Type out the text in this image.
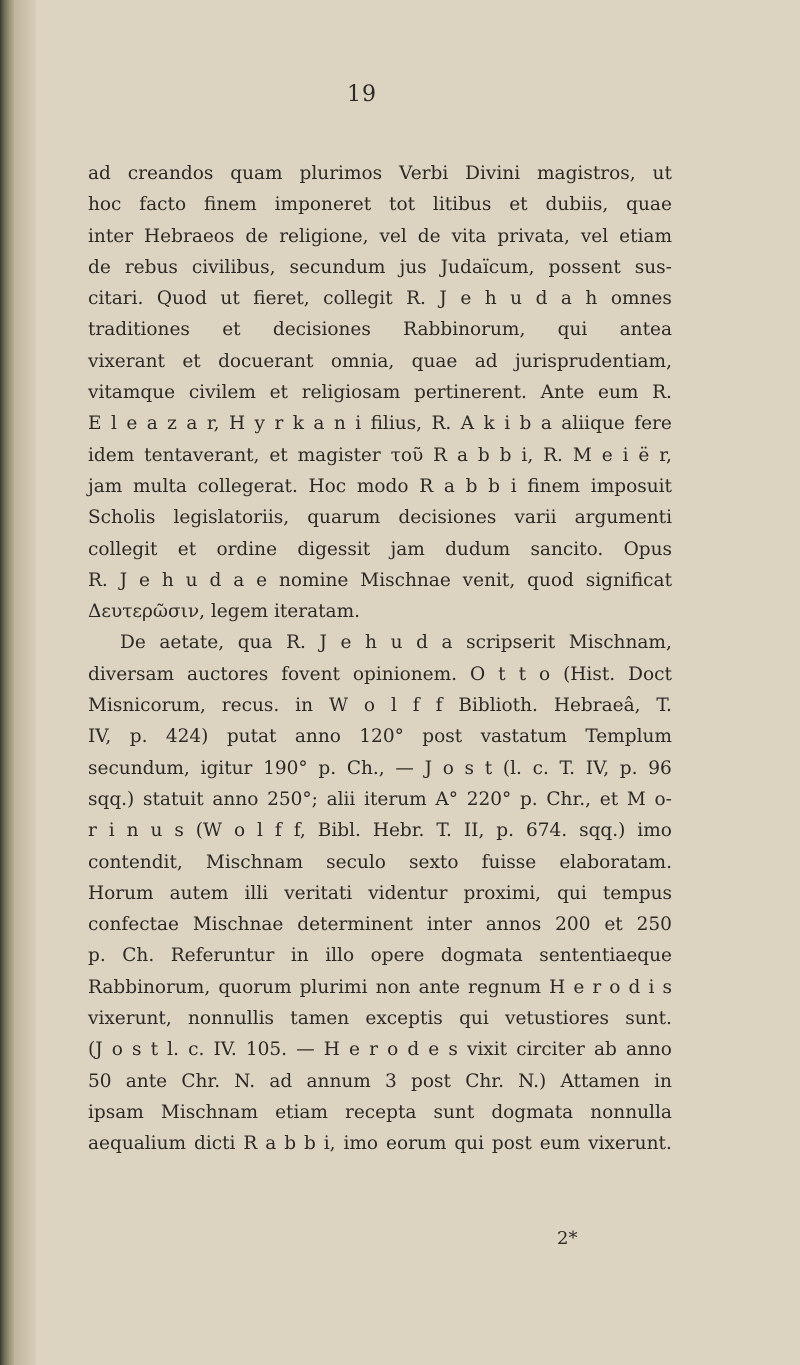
19
ad creandos quam plurimos Verbi Divini magistros, ut
hoc facto finem imponeret tot litibus et dubiis, quae
inter Hebraeos de religione, vel de vita privata, vel etiam
de rebus civilibus, secundum jus Judaïcum, possent sus-
citari. Quod ut fieret, collegit R. J e h u d a h omnes
traditiones et decisiones Rabbinorum, qui antea
vixerant et docuerant omnia, quae ad jurisprudentiam,
vitamque civilem et religiosam pertinerent. Ante eum R.
E l e a z a r, H y r k a n i filius, R. A k i b a aliique fere
idem tentaverant, et magister τοῦ R a b b i, R. M e i ë r,
jam multa collegerat. Hoc modo R a b b i finem imposuit
Scholis legislatoriis, quarum decisiones varii argumenti
collegit et ordine digessit jam dudum sancito. Opus
R. J e h u d a e nomine Mischnae venit, quod significat
Δευτερῶσιν, legem iteratam.
De aetate, qua R. J e h u d a scripserit Mischnam,
diversam auctores fovent opinionem. O t t o (Hist. Doct
Misnicorum, recus. in W o l f f Biblioth. Hebraeâ, T.
IV, p. 424) putat anno 120° post vastatum Templum
secundum, igitur 190° p. Ch., — J o s t (l. c. T. IV, p. 96
sqq.) statuit anno 250°; alii iterum A° 220° p. Chr., et M o-
r i n u s (W o l f f, Bibl. Hebr. T. II, p. 674. sqq.) imo
contendit, Mischnam seculo sexto fuisse elaboratam.
Horum autem illi veritati videntur proximi, qui tempus
confectae Mischnae determinent inter annos 200 et 250
p. Ch. Referuntur in illo opere dogmata sententiaeque
Rabbinorum, quorum plurimi non ante regnum H e r o d i s
vixerunt, nonnullis tamen exceptis qui vetustiores sunt.
(J o s t l. c. IV. 105. — H e r o d e s vixit circiter ab anno
50 ante Chr. N. ad annum 3 post Chr. N.) Attamen in
ipsam Mischnam etiam recepta sunt dogmata nonnulla
aequalium dicti R a b b i, imo eorum qui post eum vixerunt.
2*
